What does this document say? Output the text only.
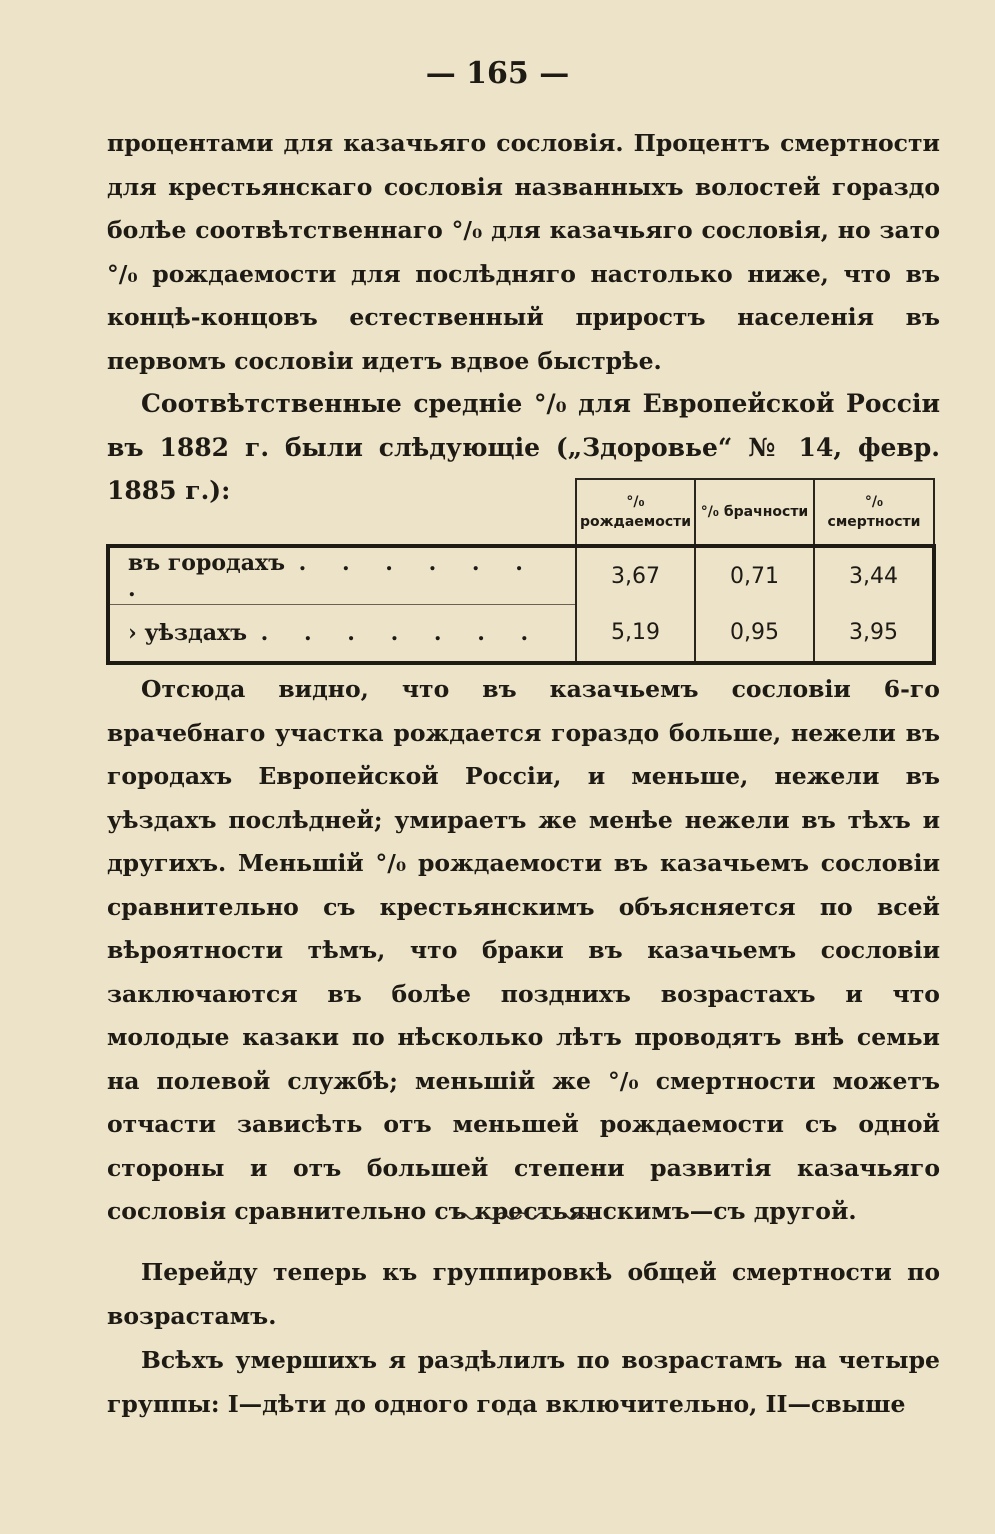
— 165 —

процентами для казачьяго сословія. Процентъ смертности для крестьянскаго сословія названныхъ волостей гораздо болѣе соотвѣтственнаго °/₀ для казачьяго сословія, но зато °/₀ рождаемости для послѣдняго настолько ниже, что въ концѣ-концовъ естественный приростъ населенія въ первомъ сословіи идетъ вдвое быстрѣе.

Соотвѣтственные средніе °/₀ для Европейской Россіи въ 1882 г. были слѣдующіе („Здоровье“ № 14, февр. 1885 г.):

		°/₀ рождаемости	°/₀ брачности	°/₀ смертности
въ городахъ . . . . . . .	3,67	0,71	3,44
› уѣздахъ . . . . . . .	5,19	0,95	3,95

Отсюда видно, что въ казачьемъ сословіи 6-го врачебнаго участка рождается гораздо больше, нежели въ городахъ Европейской Россіи, и меньше, нежели въ уѣздахъ послѣдней; умираетъ же менѣе нежели въ тѣхъ и другихъ. Меньшій °/₀ рождаемости въ казачьемъ сословіи сравнительно съ крестьянскимъ объясняется по всей вѣроятности тѣмъ, что браки въ казачьемъ сословіи заключаются въ болѣе позднихъ возрастахъ и что молодые казаки по нѣсколько лѣтъ проводятъ внѣ семьи на полевой службѣ; меньшій же °/₀ смертности можетъ отчасти зависѣть отъ меньшей рождаемости съ одной стороны и отъ большей степени развитія казачьяго сословія сравнительно съ крестьянскимъ—съ другой.

Перейду теперь къ группировкѣ общей смертности по возрастамъ.

Всѣхъ умершихъ я раздѣлилъ по возрастамъ на четыре группы: I—дѣти до одного года включительно, II—свыше
